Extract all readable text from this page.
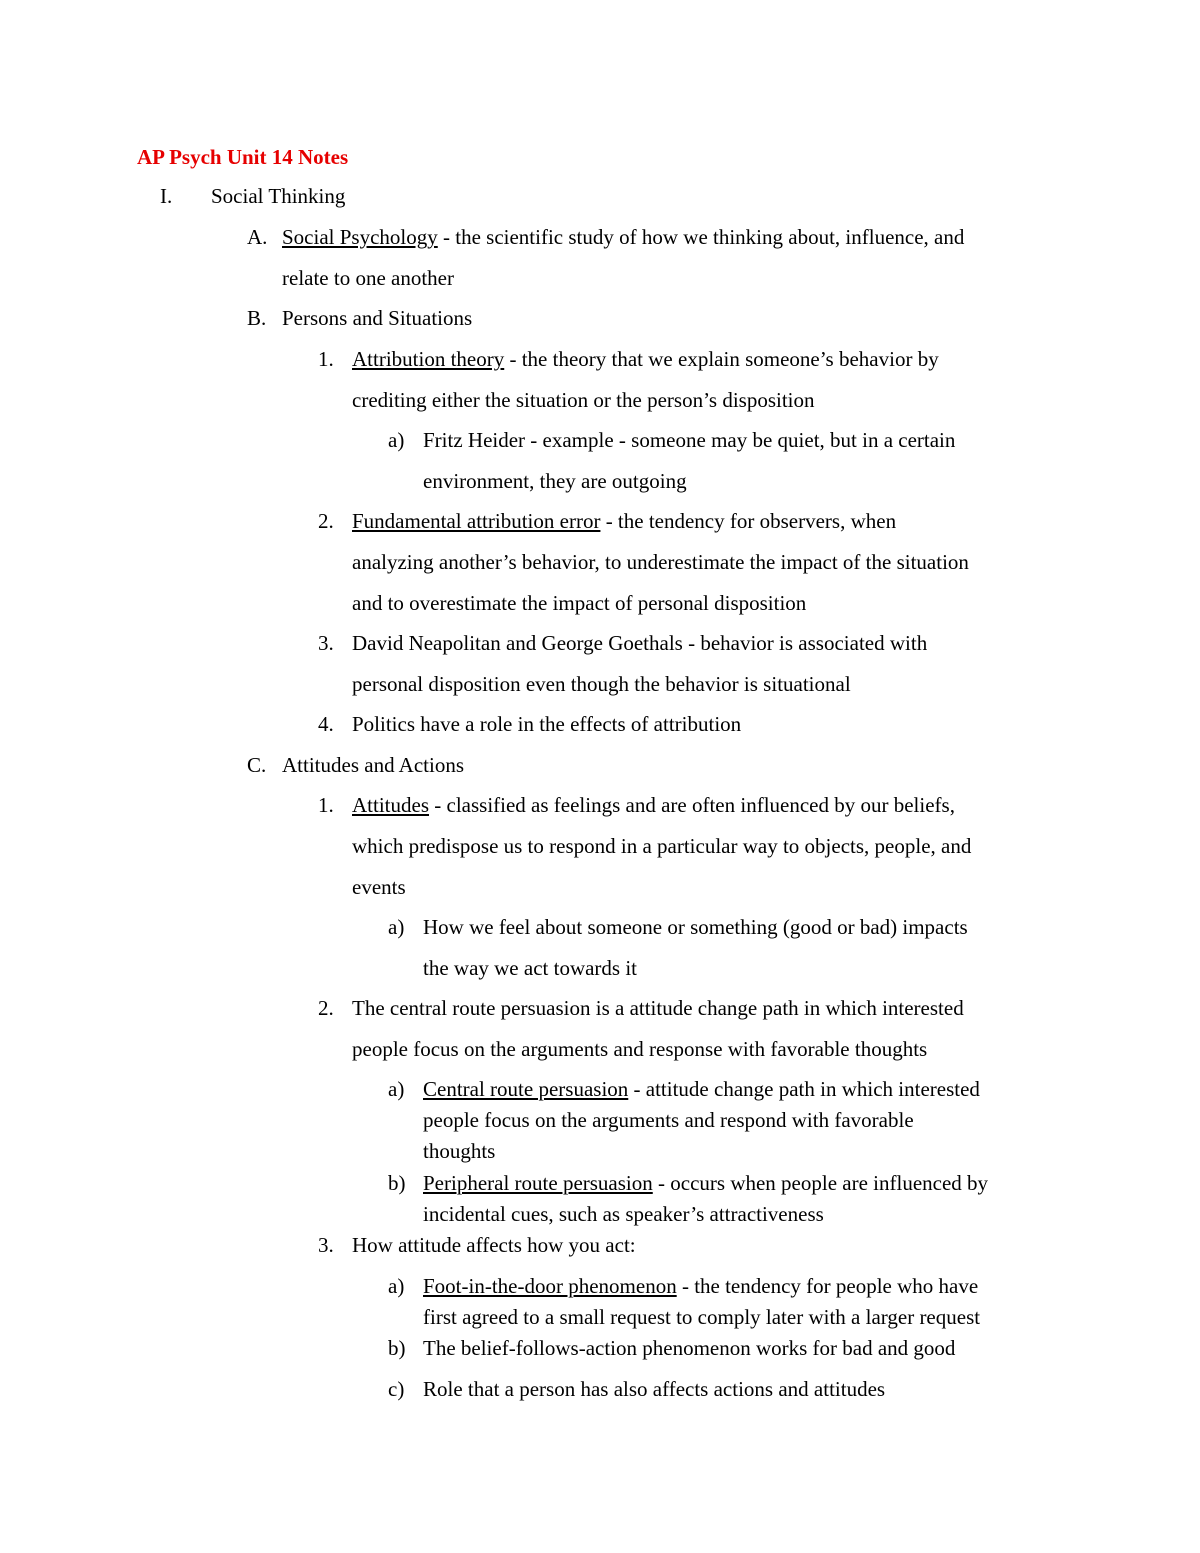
AP Psych Unit 14 Notes
I. Social Thinking
A. Social Psychology - the scientific study of how we thinking about, influence, and
relate to one another
B. Persons and Situations
1. Attribution theory - the theory that we explain someone’s behavior by
crediting either the situation or the person’s disposition
a) Fritz Heider - example - someone may be quiet, but in a certain
environment, they are outgoing
2. Fundamental attribution error - the tendency for observers, when
analyzing another’s behavior, to underestimate the impact of the situation
and to overestimate the impact of personal disposition
3. David Neapolitan and George Goethals - behavior is associated with
personal disposition even though the behavior is situational
4. Politics have a role in the effects of attribution
C. Attitudes and Actions
1. Attitudes - classified as feelings and are often influenced by our beliefs,
which predispose us to respond in a particular way to objects, people, and
events
a) How we feel about someone or something (good or bad) impacts
the way we act towards it
2. The central route persuasion is a attitude change path in which interested
people focus on the arguments and response with favorable thoughts
a) Central route persuasion - attitude change path in which interested
people focus on the arguments and respond with favorable
thoughts
b) Peripheral route persuasion - occurs when people are influenced by
incidental cues, such as speaker’s attractiveness
3. How attitude affects how you act:
a) Foot-in-the-door phenomenon - the tendency for people who have
first agreed to a small request to comply later with a larger request
b) The belief-follows-action phenomenon works for bad and good
c) Role that a person has also affects actions and attitudes
